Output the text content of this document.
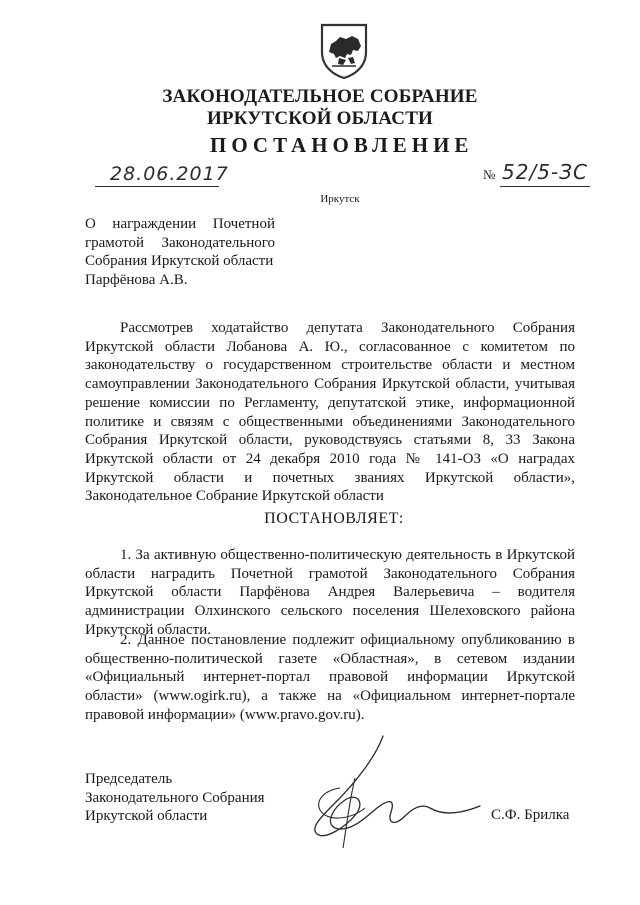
ЗАКОНОДАТЕЛЬНОЕ СОБРАНИЕ
ИРКУТСКОЙ ОБЛАСТИ
ПОСТАНОВЛЕНИЕ
28.06.2017	№ 52/5-ЗС
Иркутск
О награждении Почетной
грамотой Законодательного
Собрания Иркутской области
Парфёнова А.В.
Рассмотрев ходатайство депутата Законодательного Собрания Иркутской области Лобанова А. Ю., согласованное с комитетом по законодательству о государственном строительстве области и местном самоуправлении Законодательного Собрания Иркутской области, учитывая решение комиссии по Регламенту, депутатской этике, информационной политике и связям с общественными объединениями Законодательного Собрания Иркутской области, руководствуясь статьями 8, 33 Закона Иркутской области от 24 декабря 2010 года № 141-ОЗ «О наградах Иркутской области и почетных званиях Иркутской области», Законодательное Собрание Иркутской области
ПОСТАНОВЛЯЕТ:
1. За активную общественно-политическую деятельность в Иркутской области наградить Почетной грамотой Законодательного Собрания Иркутской области Парфёнова Андрея Валерьевича – водителя администрации Олхинского сельского поселения Шелеховского района Иркутской области.
2. Данное постановление подлежит официальному опубликованию в общественно-политической газете «Областная», в сетевом издании «Официальный интернет-портал правовой информации Иркутской области» (www.ogirk.ru), а также на «Официальном интернет-портале правовой информации» (www.pravo.gov.ru).
Председатель
Законодательного Собрания
Иркутской области	С.Ф. Брилка
